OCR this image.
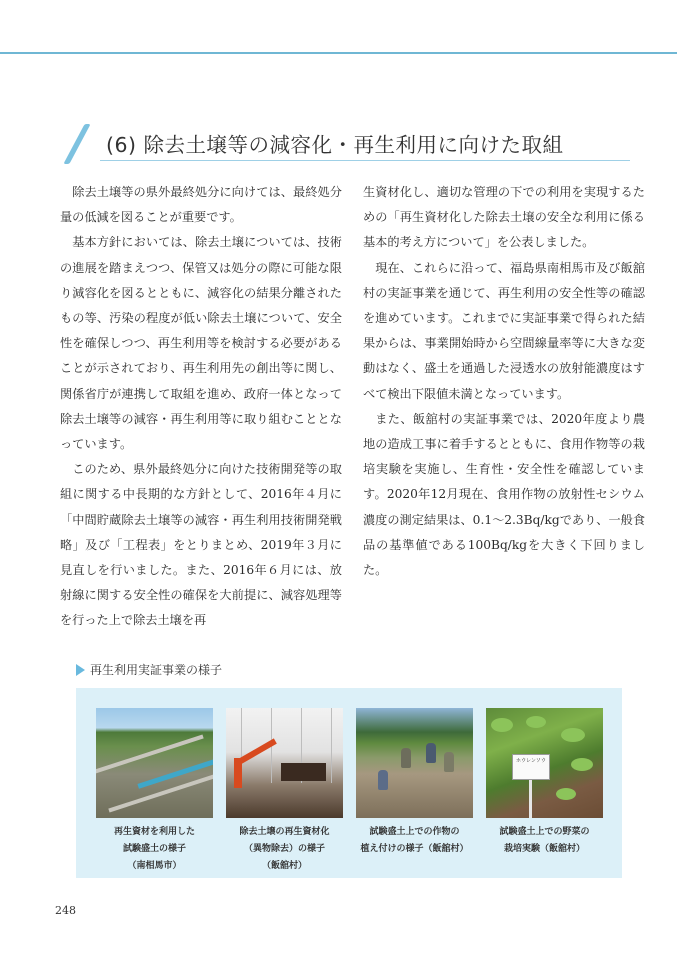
(6) 除去土壌等の減容化・再生利用に向けた取組

除去土壌等の県外最終処分に向けては、最終処分量の低減を図ることが重要です。

基本方針においては、除去土壌については、技術の進展を踏まえつつ、保管又は処分の際に可能な限り減容化を図るとともに、減容化の結果分離されたもの等、汚染の程度が低い除去土壌について、安全性を確保しつつ、再生利用等を検討する必要があることが示されており、再生利用先の創出等に関し、関係省庁が連携して取組を進め、政府一体となって除去土壌等の減容・再生利用等に取り組むこととなっています。

このため、県外最終処分に向けた技術開発等の取組に関する中長期的な方針として、2016年４月に「中間貯蔵除去土壌等の減容・再生利用技術開発戦略」及び「工程表」をとりまとめ、2019年３月に見直しを行いました。また、2016年６月には、放射線に関する安全性の確保を大前提に、減容処理等を行った上で除去土壌を再

生資材化し、適切な管理の下での利用を実現するための「再生資材化した除去土壌の安全な利用に係る基本的考え方について」を公表しました。

現在、これらに沿って、福島県南相馬市及び飯舘村の実証事業を通じて、再生利用の安全性等の確認を進めています。これまでに実証事業で得られた結果からは、事業開始時から空間線量率等に大きな変動はなく、盛土を通過した浸透水の放射能濃度はすべて検出下限値未満となっています。

また、飯舘村の実証事業では、2020年度より農地の造成工事に着手するとともに、食用作物等の栽培実験を実施し、生育性・安全性を確認しています。2020年12月現在、食用作物の放射性セシウム濃度の測定結果は、0.1～2.3Bq/kgであり、一般食品の基準値である100Bq/kgを大きく下回りました。

再生利用実証事業の様子
再生資材を利用した
試験盛土の様子
（南相馬市）
除去土壌の再生資材化
（異物除去）の様子
（飯舘村）
試験盛土上での作物の
植え付けの様子（飯舘村）
ホウレンソウ
試験盛土上での野菜の
栽培実験（飯舘村）
248
